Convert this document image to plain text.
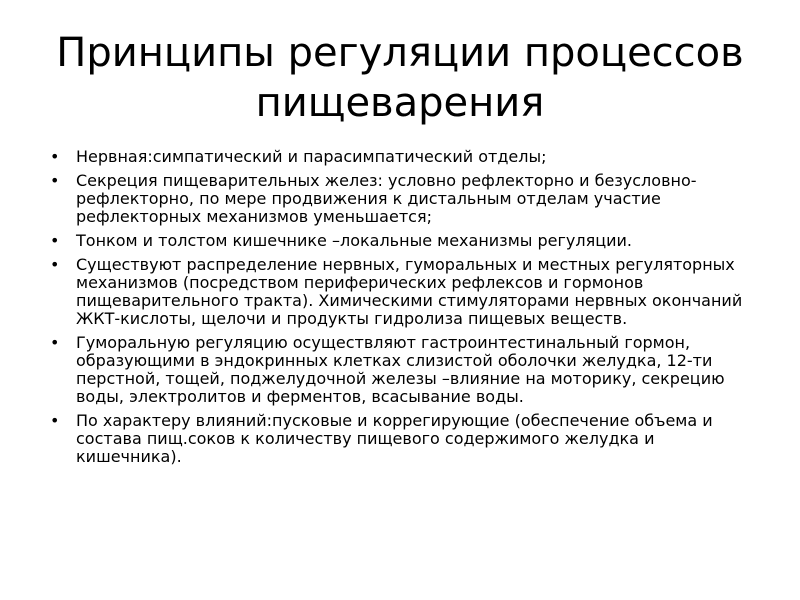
Принципы регуляции процессов пищеварения
•	Нервная:симпатический и парасимпатический отделы;
•	Секреция пищеварительных желез: условно рефлекторно и безусловно-рефлекторно, по мере продвижения к дистальным отделам участие рефлекторных механизмов уменьшается;
•	Тонком и толстом кишечнике –локальные механизмы регуляции.
•	Существуют распределение нервных, гуморальных и местных регуляторных механизмов (посредством периферических рефлексов и гормонов пищеварительного тракта). Химическими стимуляторами нервных окончаний ЖКТ-кислоты, щелочи и продукты гидролиза пищевых веществ.
•	Гуморальную регуляцию осуществляют гастроинтестинальный гормон, образующими в эндокринных клетках слизистой оболочки желудка, 12-ти перстной, тощей, поджелудочной железы –влияние на моторику, секрецию воды, электролитов и ферментов, всасывание воды.
•	По характеру влияний:пусковые и коррегирующие (обеспечение объема и состава пищ.соков к количеству пищевого содержимого желудка и кишечника).
